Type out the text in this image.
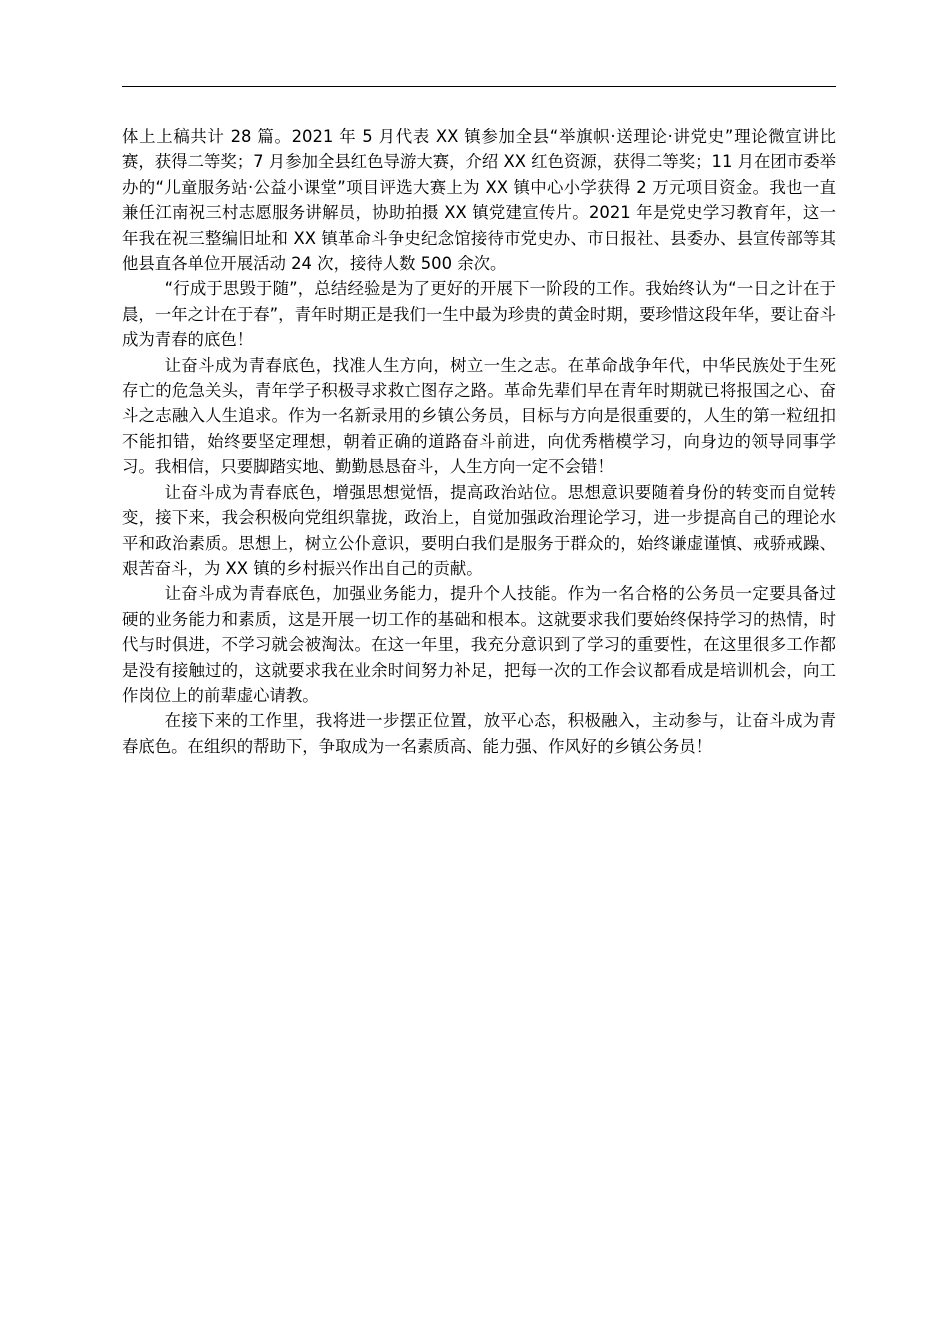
体上上稿共计 28 篇。2021 年 5 月代表 XX 镇参加全县“举旗帜·送理论·讲党史”理论微宣讲比赛，获得二等奖；7 月参加全县红色导游大赛，介绍 XX 红色资源，获得二等奖；11 月在团市委举办的“儿童服务站·公益小课堂”项目评选大赛上为 XX 镇中心小学获得 2 万元项目资金。我也一直兼任江南祝三村志愿服务讲解员，协助拍摄 XX 镇党建宣传片。2021 年是党史学习教育年，这一年我在祝三整编旧址和 XX 镇革命斗争史纪念馆接待市党史办、市日报社、县委办、县宣传部等其他县直各单位开展活动 24 次，接待人数 500 余次。

“行成于思毁于随”，总结经验是为了更好的开展下一阶段的工作。我始终认为“一日之计在于晨，一年之计在于春”，青年时期正是我们一生中最为珍贵的黄金时期，要珍惜这段年华，要让奋斗成为青春的底色！

让奋斗成为青春底色，找准人生方向，树立一生之志。在革命战争年代，中华民族处于生死存亡的危急关头，青年学子积极寻求救亡图存之路。革命先辈们早在青年时期就已将报国之心、奋斗之志融入人生追求。作为一名新录用的乡镇公务员，目标与方向是很重要的，人生的第一粒纽扣不能扣错，始终要坚定理想，朝着正确的道路奋斗前进，向优秀楷模学习，向身边的领导同事学习。我相信，只要脚踏实地、勤勤恳恳奋斗，人生方向一定不会错！

让奋斗成为青春底色，增强思想觉悟，提高政治站位。思想意识要随着身份的转变而自觉转变，接下来，我会积极向党组织靠拢，政治上，自觉加强政治理论学习，进一步提高自己的理论水平和政治素质。思想上，树立公仆意识，要明白我们是服务于群众的，始终谦虚谨慎、戒骄戒躁、艰苦奋斗，为 XX 镇的乡村振兴作出自己的贡献。

让奋斗成为青春底色，加强业务能力，提升个人技能。作为一名合格的公务员一定要具备过硬的业务能力和素质，这是开展一切工作的基础和根本。这就要求我们要始终保持学习的热情，时代与时俱进，不学习就会被淘汰。在这一年里，我充分意识到了学习的重要性，在这里很多工作都是没有接触过的，这就要求我在业余时间努力补足，把每一次的工作会议都看成是培训机会，向工作岗位上的前辈虚心请教。

在接下来的工作里，我将进一步摆正位置，放平心态，积极融入，主动参与，让奋斗成为青春底色。在组织的帮助下，争取成为一名素质高、能力强、作风好的乡镇公务员！
